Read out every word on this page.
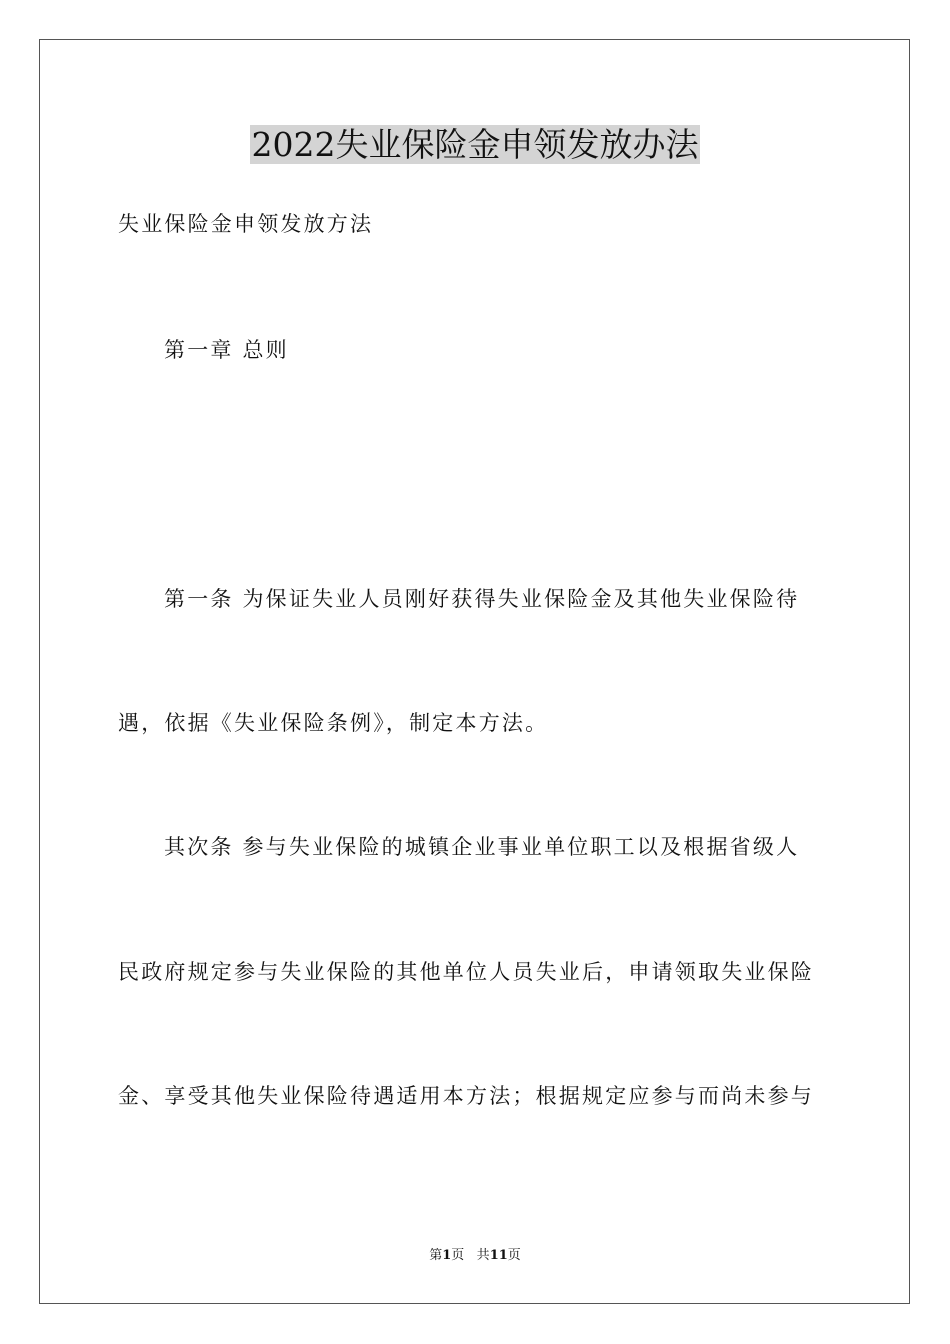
2022失业保险金申领发放办法
失业保险金申领发放方法
第一章 总则
第一条 为保证失业人员刚好获得失业保险金及其他失业保险待
遇，依据《失业保险条例》，制定本方法。
其次条 参与失业保险的城镇企业事业单位职工以及根据省级人
民政府规定参与失业保险的其他单位人员失业后，申请领取失业保险
金、享受其他失业保险待遇适用本方法；根据规定应参与而尚未参与
第1页 共11页
